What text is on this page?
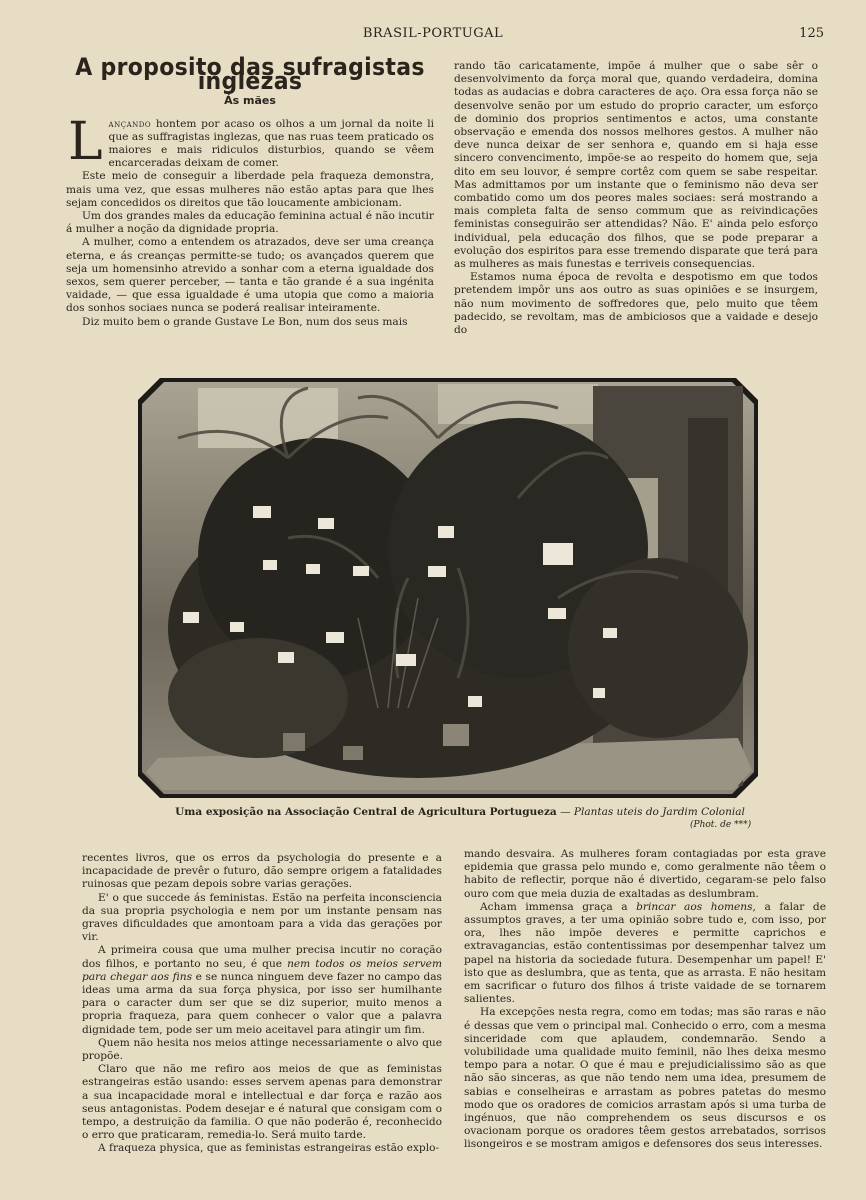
BRASIL-PORTUGAL	125
A proposito das sufragistas inglezas
Ás mães

Lançando hontem por acaso os olhos a um jornal da noite li que as suffragistas inglezas, que nas ruas teem praticado os maiores e mais ridiculos disturbios, quando se vêem encarceradas deixam de comer.

Este meio de conseguir a liberdade pela fraqueza demonstra, mais uma vez, que essas mulheres não estão aptas para que lhes sejam concedidos os direitos que tão loucamente ambicionam.

Um dos grandes males da educação feminina actual é não incutir á mulher a noção da dignidade propria.

A mulher, como a entendem os atrazados, deve ser uma creança eterna, e ás creanças permitte-se tudo; os avançados querem que seja um homensinho atrevido a sonhar com a eterna igualdade dos sexos, sem querer perceber, — tanta e tão grande é a sua ingénita vaidade, — que essa igualdade é uma utopia que como a maioria dos sonhos sociaes nunca se poderá realisar inteiramente.

Diz muito bem o grande Gustave Le Bon, num dos seus mais

rando tão caricatamente, impõe á mulher que o sabe sêr o desenvolvimento da força moral que, quando verdadeira, domina todas as audacias e dobra caracteres de aço. Ora essa força não se desenvolve senão por um estudo do proprio caracter, um esforço de dominio dos proprios sentimentos e actos, uma constante observação e emenda dos nossos melhores gestos. A mulher não deve nunca deixar de ser senhora e, quando em si haja esse sincero convencimento, impõe-se ao respeito do homem que, seja dito em seu louvor, é sempre cortêz com quem se sabe respeitar. Mas admittamos por um instante que o feminismo não deva ser combatido como um dos peores males sociaes: será mostrando a mais completa falta de senso commum que as reivindicações feministas conseguirão ser attendidas? Não. E' ainda pelo esforço individual, pela educação dos filhos, que se pode preparar a evolução dos espiritos para esse tremendo disparate que terá para as mulheres as mais funestas e terriveis consequencias.

Estamos numa época de revolta e despotismo em que todos pretendem impôr uns aos outro as suas opiniões e se insurgem, não num movimento de soffredores que, pelo muito que têem padecido, se revoltam, mas de ambiciosos que a vaidade e desejo do

Uma exposição na Associação Central de Agricultura Portugueza — Plantas uteis do Jardim Colonial
(Phot. de ***)

recentes livros, que os erros da psychologia do presente e a incapacidade de prevêr o futuro, dão sempre origem a fatalidades ruinosas que pezam depois sobre varias gerações.

E' o que succede ás feministas. Estão na perfeita inconsciencia da sua propria psychologia e nem por um instante pensam nas graves dificuldades que amontoam para a vida das gerações por vir.

A primeira cousa que uma mulher precisa incutir no coração dos filhos, e portanto no seu, é que nem todos os meios servem para chegar aos fins e se nunca ninguem deve fazer no campo das ideas uma arma da sua força physica, por isso ser humilhante para o caracter dum ser que se diz superior, muito menos a propria fraqueza, para quem conhecer o valor que a palavra dignidade tem, pode ser um meio aceitavel para atingir um fim.

Quem não hesita nos meios attinge necessariamente o alvo que propõe.

Claro que não me refiro aos meios de que as feministas estrangeiras estão usando: esses servem apenas para demonstrar a sua incapacidade moral e intellectual e dar força e razão aos seus antagonistas. Podem desejar e é natural que consigam com o tempo, a destruição da familia. O que não poderão é, reconhecido o erro que praticaram, remedia-lo. Será muito tarde.

A fraqueza physica, que as feministas estrangeiras estão explo-

mando desvaira. As mulheres foram contagiadas por esta grave epidemia que grassa pelo mundo e, como geralmente não têem o habito de reflectir, porque não é divertido, cegaram-se pelo falso ouro com que meia duzia de exaltadas as deslumbram.

Acham immensa graça a brincar aos homens, a falar de assumptos graves, a ter uma opinião sobre tudo e, com isso, por ora, lhes não impõe deveres e permitte caprichos e extravagancias, estão contentissimas por desempenhar talvez um papel na historia da sociedade futura. Desempenhar um papel! E' isto que as deslumbra, que as tenta, que as arrasta. E não hesitam em sacrificar o futuro dos filhos á triste vaidade de se tornarem salientes.

Ha excepções nesta regra, como em todas; mas são raras e não é dessas que vem o principal mal. Conhecido o erro, com a mesma sinceridade com que aplaudem, condemnarão. Sendo a volubilidade uma qualidade muito feminil, não lhes deixa mesmo tempo para a notar. O que é mau e prejudicialissimo são as que não são sinceras, as que não tendo nem uma idea, presumem de sabias e conselheiras e arrastam as pobres patetas do mesmo modo que os oradores de comicios arrastam após si uma turba de ingénuos, que não comprehendem os seus discursos e os ovacionam porque os oradores têem gestos arrebatados, sorrisos lisongeiros e se mostram amigos e defensores dos seus interesses.
